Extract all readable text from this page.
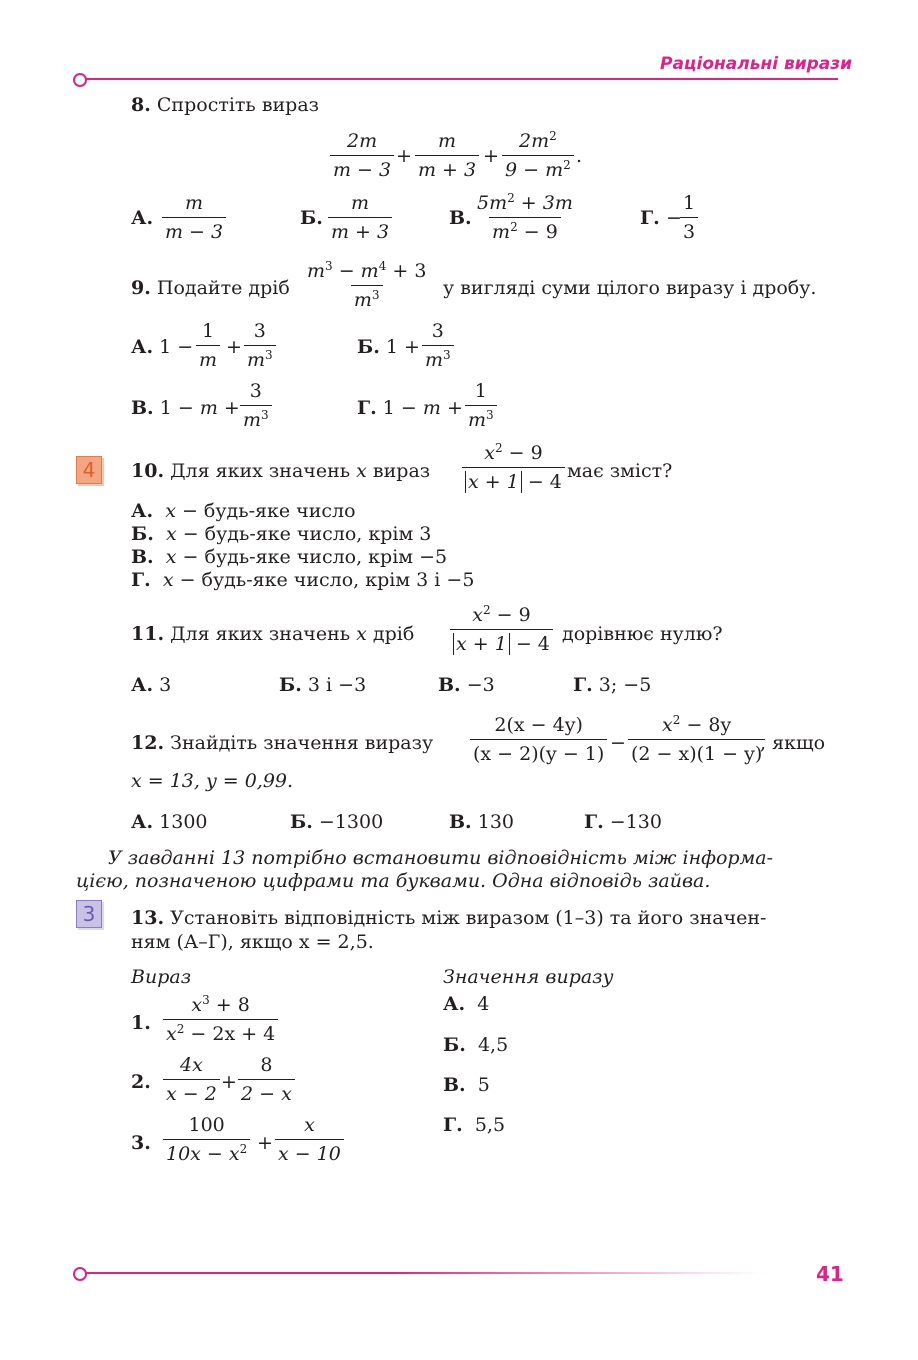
Раціональні вирази
8. Спростіть вираз
$\frac{2m}{m - 3} + \frac{m}{m + 3} + \frac{2m^2}{9 - m^2}$ .
А. $\frac{m}{m - 3}$	Б. $\frac{m}{m + 3}$	В. $\frac{5m^2 + 3m}{m^2 - 9}$	Г. −
$\frac{1}{3}$
9. Подайте дріб $\frac{m^3 - m^4 + 3}{m^3}$ у вигляді суми цілого виразу і дробу.
А. $1 - \frac{1}{m} + \frac{3}{m^3}$	Б. $1 + \frac{3}{m^3}$
В. $1 - m + \frac{3}{m^3}$	Г. $1 - m + \frac{1}{m^3}$
4	10. Для яких значень x вираз $\frac{x^2 - 9}{x + 1 - 4}$ має зміст?
А. x − будь-яке число
Б. x − будь-яке число, крім 3
В. x − будь-яке число, крім −5
Г. x − будь-яке число, крім 3 і −5
11. Для яких значень x дріб $\frac{x^2 - 9}{x + 1 - 4}$ дорівнює нулю?
А. 3	Б. 3 і −3	В. −3	Г. 3; −5
12. Знайдіть значення виразу $\frac{2(x - 4y)}{(x - 2)(y - 1)} - \frac{x^2 - 8y}{(2 - x)(1 - y)}$
, якщо
x = 13, y = 0,99.
А. 1300	Б. −1300	В. 130	Г. −130
У завданні 13 потрібно встановити відповідність між інформа-
цією, позначеною цифрами та буквами. Одна відповідь зайва.
3	13. Установіть відповідність між виразом (1–3) та його значен-
ням (А–Г), якщо x = 2,5.
Вираз	Значення виразу
1. $\frac{x^3 + 8}{x^2 - 2x + 4}$
2. $\frac{4x}{x - 2} + \frac{8}{2 - x}$
3. $\frac{100}{10x - x^2} + \frac{x}{x - 10}$
А. 4
Б. 4,5
В. 5
Г. 5,5
41
